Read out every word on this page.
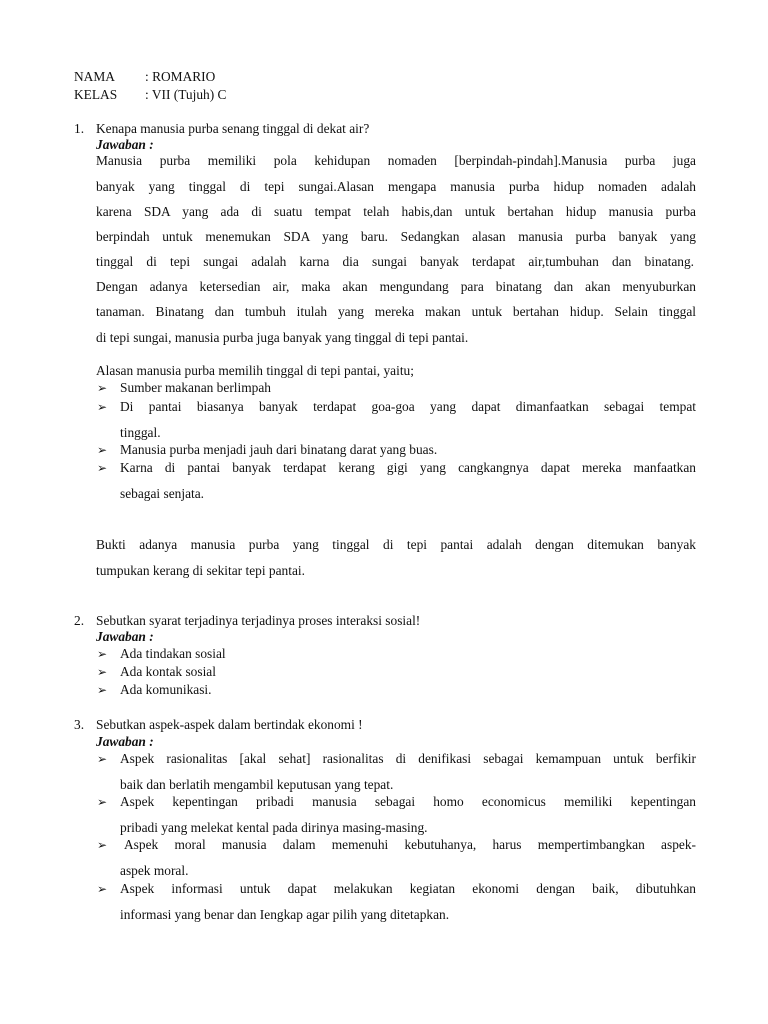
NAMA : ROMARIO
KELAS : VII (Tujuh) C
1. Kenapa manusia purba senang tinggal di dekat air?
Jawaban :
Manusia purba memiliki pola kehidupan nomaden [berpindah-pindah].Manusia purba juga
banyak yang tinggal di tepi sungai.Alasan mengapa manusia purba hidup nomaden adalah
karena SDA yang ada di suatu tempat telah habis,dan untuk bertahan hidup manusia purba
berpindah untuk menemukan SDA yang baru. Sedangkan alasan manusia purba banyak yang
tinggal di tepi sungai adalah karna dia sungai banyak terdapat air,tumbuhan dan binatang.
Dengan adanya ketersedian air, maka akan mengundang para binatang dan akan menyuburkan
tanaman. Binatang dan tumbuh itulah yang mereka makan untuk bertahan hidup. Selain tinggal
di tepi sungai, manusia purba juga banyak yang tinggal di tepi pantai.
Alasan manusia purba memilih tinggal di tepi pantai, yaitu;
➢ Sumber makanan berlimpah
➢ Di pantai biasanya banyak terdapat goa-goa yang dapat dimanfaatkan sebagai tempat
tinggal.
➢ Manusia purba menjadi jauh dari binatang darat yang buas.
➢ Karna di pantai banyak terdapat kerang gigi yang cangkangnya dapat mereka manfaatkan
sebagai senjata.
Bukti adanya manusia purba yang tinggal di tepi pantai adalah dengan ditemukan banyak
tumpukan kerang di sekitar tepi pantai.
2. Sebutkan syarat terjadinya terjadinya proses interaksi sosial!
Jawaban :
➢ Ada tindakan sosial
➢ Ada kontak sosial
➢ Ada komunikasi.
3. Sebutkan aspek-aspek dalam bertindak ekonomi !
Jawaban :
➢ Aspek rasionalitas [akal sehat] rasionalitas di denifikasi sebagai kemampuan untuk berfikir
baik dan berlatih mengambil keputusan yang tepat.
➢ Aspek kepentingan pribadi manusia sebagai homo economicus memiliki kepentingan
pribadi yang melekat kental pada dirinya masing-masing.
➢ Aspek moral manusia dalam memenuhi kebutuhanya, harus mempertimbangkan aspek-
aspek moral.
➢ Aspek informasi untuk dapat melakukan kegiatan ekonomi dengan baik, dibutuhkan
informasi yang benar dan Iengkap agar pilih yang ditetapkan.
